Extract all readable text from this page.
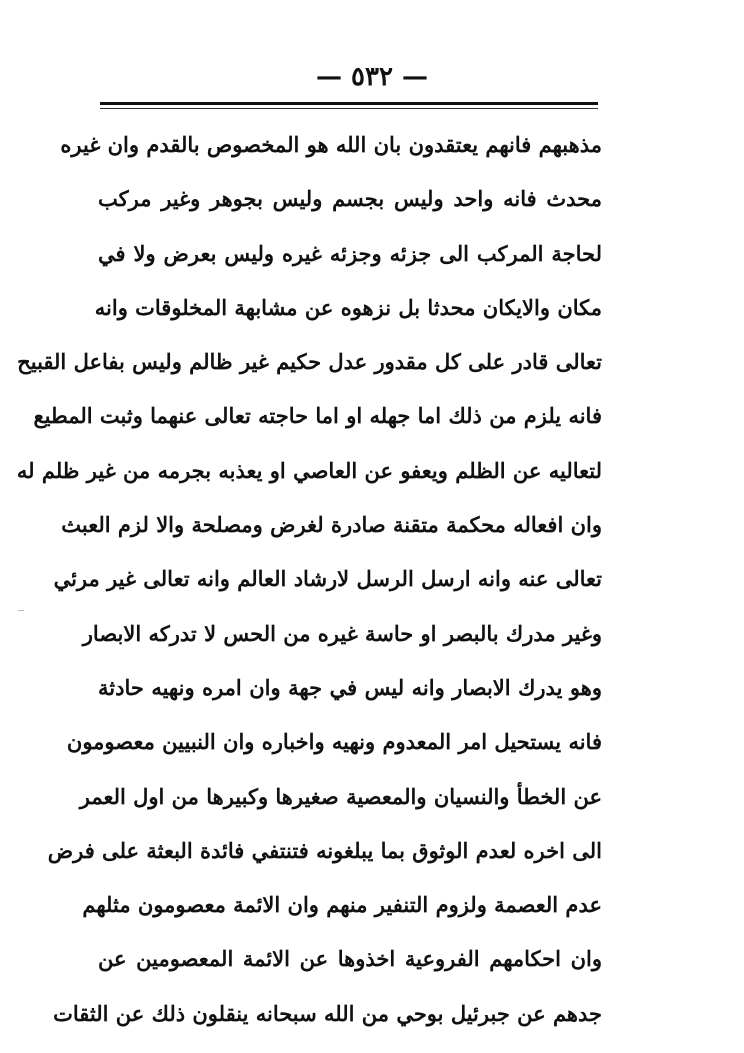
— ٥٣٢ —
مذهبهم فانهم يعتقدون بان الله هو المخصوص بالقدم وان غيره
محدث فانه واحد وليس بجسم وليس بجوهر وغير مركب
لحاجة المركب الى جزئه وجزئه غيره وليس بعرض ولا في
مكان والايكان محدثا بل نزهوه عن مشابهة المخلوقات وانه
تعالى قادر على كل مقدور عدل حكيم غير ظالم وليس بفاعل القبيح
فانه يلزم من ذلك اما جهله او اما حاجته تعالى عنهما وثبت المطيع
لتعاليه عن الظلم ويعفو عن العاصي او يعذبه بجرمه من غير ظلم له
وان افعاله محكمة متقنة صادرة لغرض ومصلحة والا لزم العبث
تعالى عنه وانه ارسل الرسل لارشاد العالم وانه تعالى غير مرئي
وغير مدرك بالبصر او حاسة غيره من الحس لا تدركه الابصار
وهو يدرك الابصار وانه ليس في جهة وان امره ونهيه حادثة
فانه يستحيل امر المعدوم ونهيه واخباره وان النبيين معصومون
عن الخطأ والنسيان والمعصية صغيرها وكبيرها من اول العمر
الى اخره لعدم الوثوق بما يبلغونه فتنتفي فائدة البعثة على فرض
عدم العصمة ولزوم التنفير منهم وان الائمة معصومون مثلهم
وان احكامهم الفروعية اخذوها عن الائمة المعصومين عن
جدهم عن جبرئيل بوحي من الله سبحانه ينقلون ذلك عن الثقات
